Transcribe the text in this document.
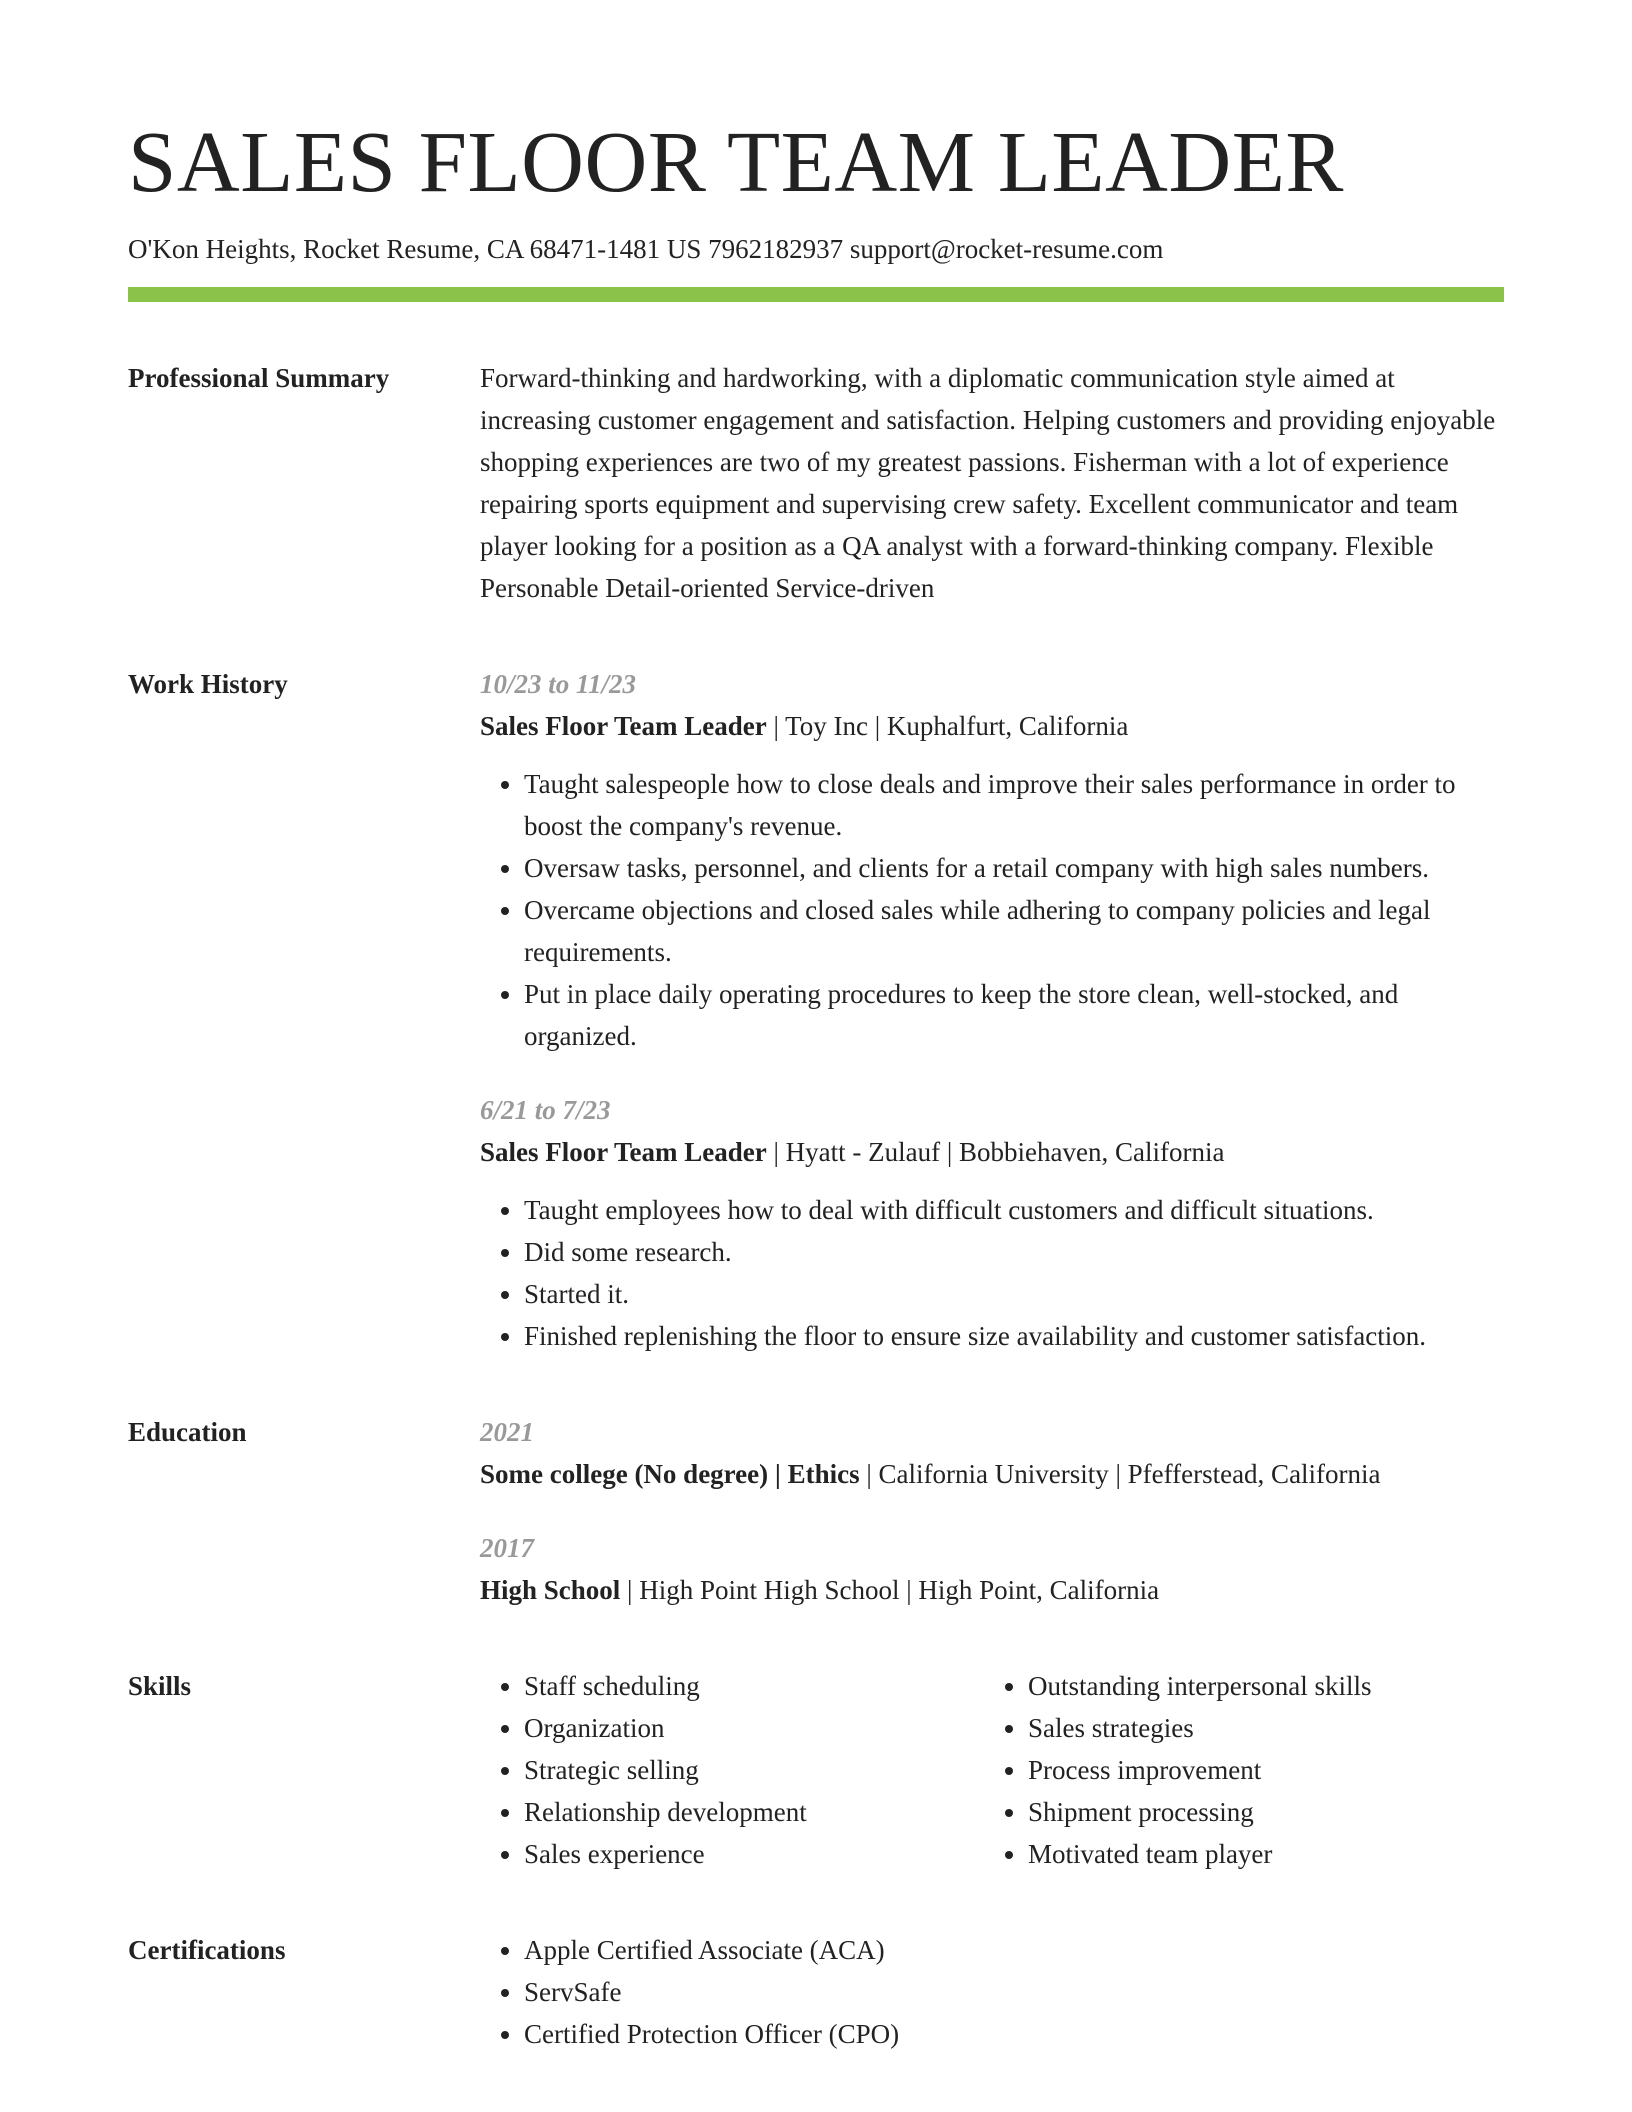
SALES FLOOR TEAM LEADER
O'Kon Heights, Rocket Resume, CA 68471-1481 US 7962182937 support@rocket-resume.com
Professional Summary	Forward-thinking and hardworking, with a diplomatic communication style aimed at increasing customer engagement and satisfaction. Helping customers and providing enjoyable shopping experiences are two of my greatest passions. Fisherman with a lot of experience repairing sports equipment and supervising crew safety. Excellent communicator and team player looking for a position as a QA analyst with a forward-thinking company. Flexible Personable Detail-oriented Service-driven

Work History	10/23 to 11/23
Sales Floor Team Leader | Toy Inc | Kuphalfurt, California
• Taught salespeople how to close deals and improve their sales performance in order to boost the company's revenue.
• Oversaw tasks, personnel, and clients for a retail company with high sales numbers.
• Overcame objections and closed sales while adhering to company policies and legal requirements.
• Put in place daily operating procedures to keep the store clean, well-stocked, and organized.
6/21 to 7/23
Sales Floor Team Leader | Hyatt - Zulauf | Bobbiehaven, California
• Taught employees how to deal with difficult customers and difficult situations.
• Did some research.
• Started it.
• Finished replenishing the floor to ensure size availability and customer satisfaction.
Education	2021
Some college (No degree) | Ethics | California University | Pfefferstead, California
2017
High School | High Point High School | High Point, California
Skills	• Staff scheduling
• Organization
• Strategic selling
• Relationship development
• Sales experience
• Outstanding interpersonal skills
• Sales strategies
• Process improvement
• Shipment processing
• Motivated team player
Certifications	• Apple Certified Associate (ACA)
• ServSafe
• Certified Protection Officer (CPO)
